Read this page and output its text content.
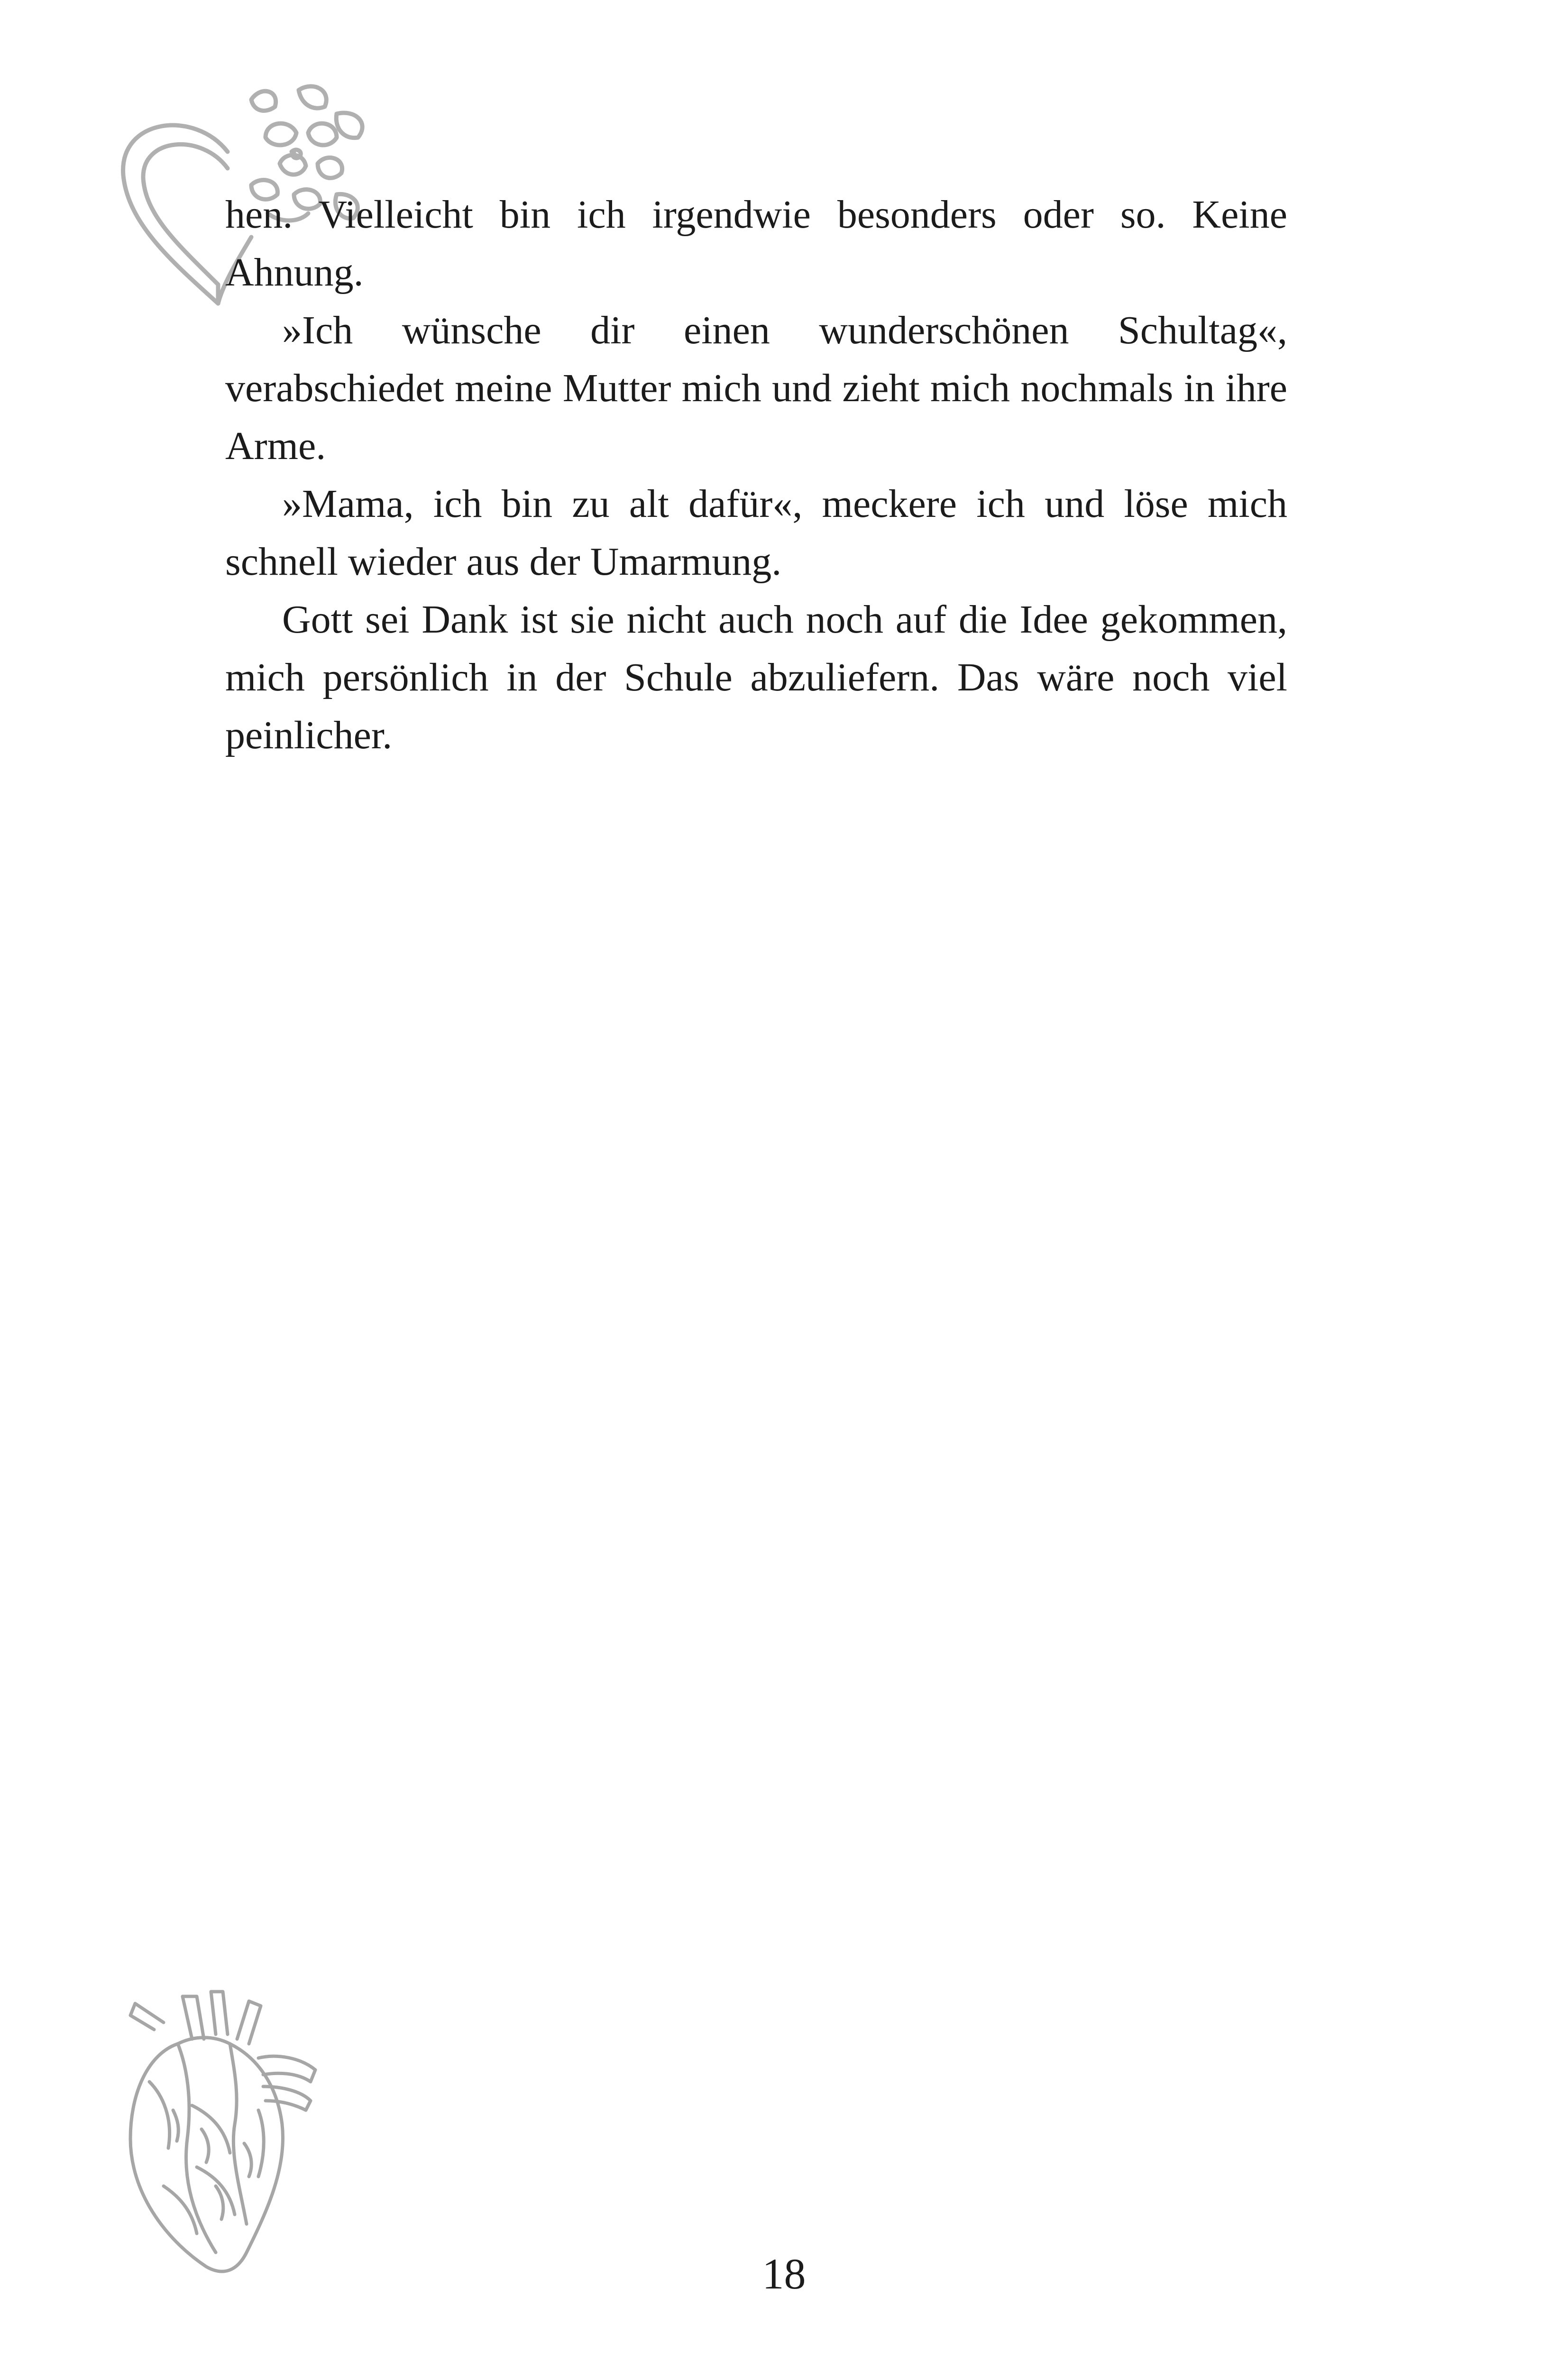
hen. Vielleicht bin ich irgendwie besonders oder so. Keine Ahnung.

»Ich wünsche dir einen wunderschönen Schultag«, verabschiedet meine Mutter mich und zieht mich nochmals in ihre Arme.

»Mama, ich bin zu alt dafür«, meckere ich und löse mich schnell wieder aus der Umarmung.

Gott sei Dank ist sie nicht auch noch auf die Idee gekommen, mich persönlich in der Schule abzuliefern. Das wäre noch viel peinlicher.

18
